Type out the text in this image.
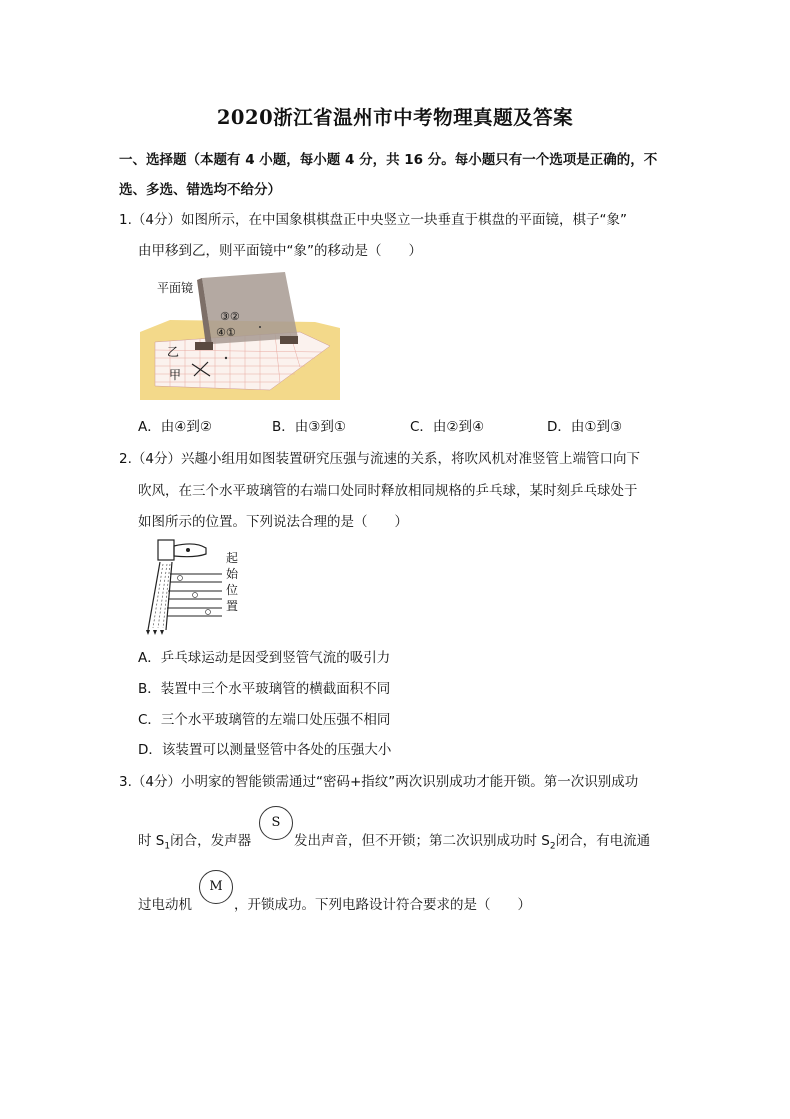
2020浙江省温州市中考物理真题及答案
一、选择题（本题有 4 小题，每小题 4 分，共 16 分。每小题只有一个选项是正确的，不
选、多选、错选均不给分）
1.（4分）如图所示，在中国象棋棋盘正中央竖立一块垂直于棋盘的平面镜，棋子“象”
由甲移到乙，则平面镜中“象”的移动是（　　）
平面镜
③②
④①
乙
甲
A．由④到②	B．由③到①	C．由②到④	D．由①到③
2.（4分）兴趣小组用如图装置研究压强与流速的关系，将吹风机对准竖管上端管口向下
吹风，在三个水平玻璃管的右端口处同时释放相同规格的乒乓球，某时刻乒乓球处于
如图所示的位置。下列说法合理的是（　　）
起
始
位
置
A．乒乓球运动是因受到竖管气流的吸引力
B．装置中三个水平玻璃管的横截面积不同
C．三个水平玻璃管的左端口处压强不相同
D．该装置可以测量竖管中各处的压强大小
3.（4分）小明家的智能锁需通过“密码+指纹”两次识别成功才能开锁。第一次识别成功
时 $S_1$闭合，发声器
S
发出声音，但不开锁；第二次识别成功时 $S_2$闭合，有电流通
过电动机
M
，开锁成功。下列电路设计符合要求的是（　　）
